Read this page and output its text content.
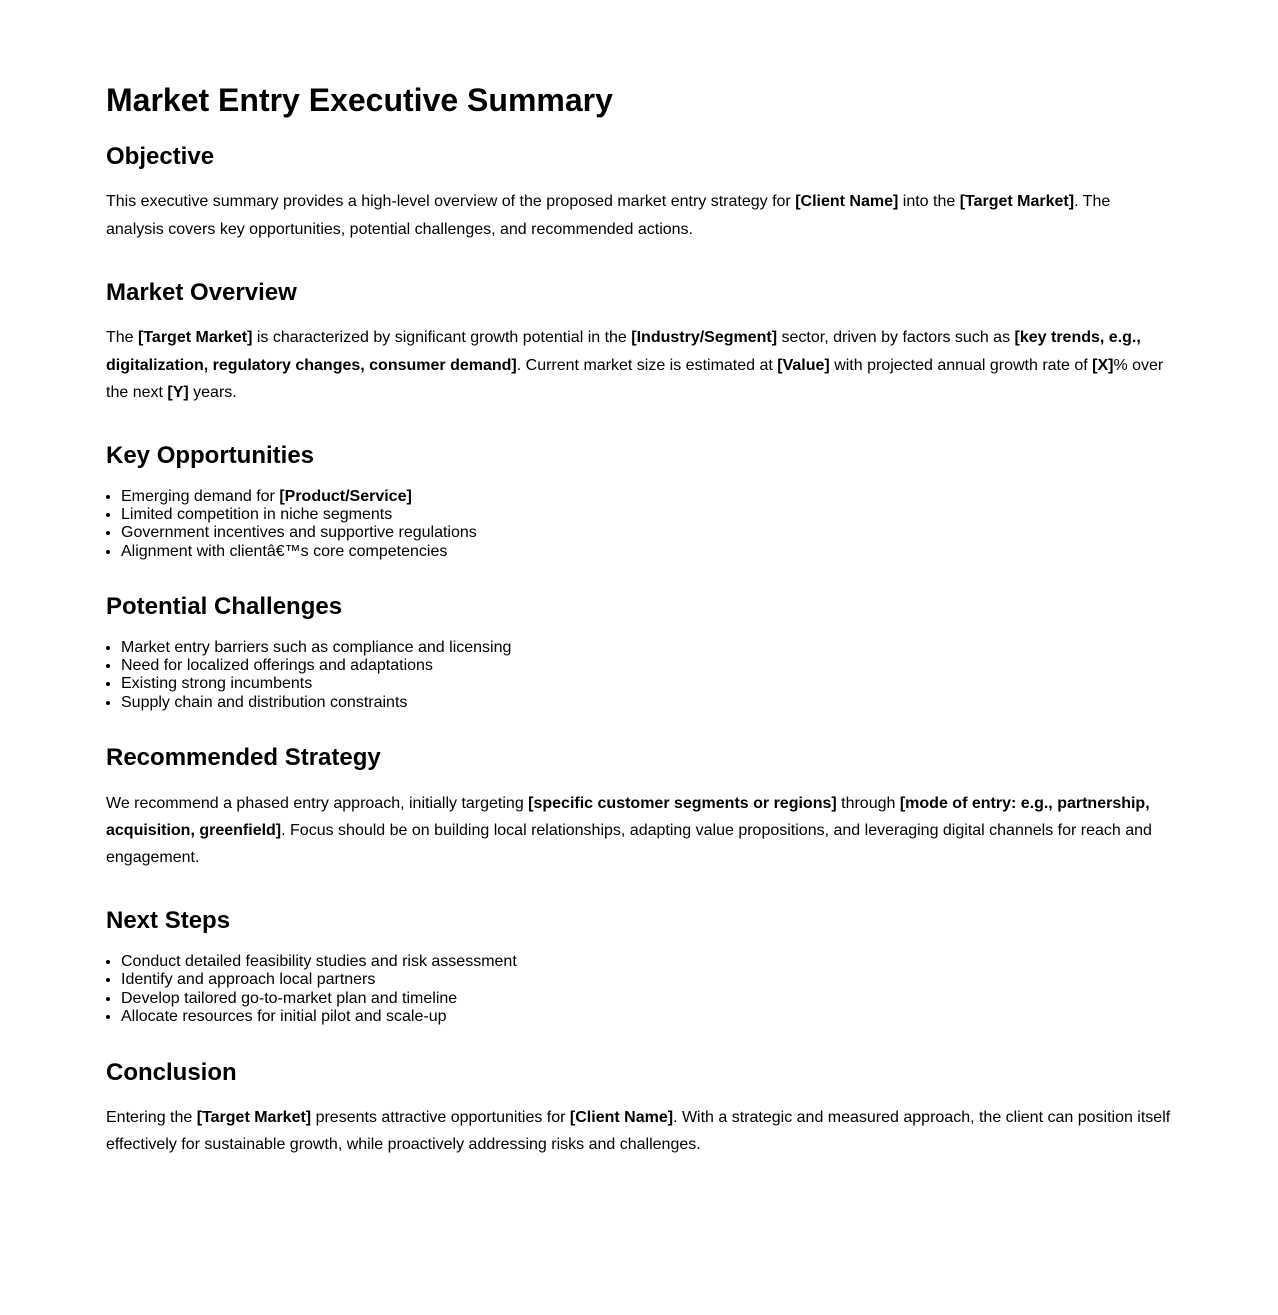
Market Entry Executive Summary
Objective

This executive summary provides a high-level overview of the proposed market entry strategy for [Client Name] into the [Target Market]. The analysis covers key opportunities, potential challenges, and recommended actions.

Market Overview

The [Target Market] is characterized by significant growth potential in the [Industry/Segment] sector, driven by factors such as [key trends, e.g., digitalization, regulatory changes, consumer demand]. Current market size is estimated at [Value] with projected annual growth rate of [X]% over the next [Y] years.

Key Opportunities
• Emerging demand for [Product/Service]
• Limited competition in niche segments
• Government incentives and supportive regulations
• Alignment with clientâ€™s core competencies
Potential Challenges
• Market entry barriers such as compliance and licensing
• Need for localized offerings and adaptations
• Existing strong incumbents
• Supply chain and distribution constraints
Recommended Strategy

We recommend a phased entry approach, initially targeting [specific customer segments or regions] through [mode of entry: e.g., partnership, acquisition, greenfield]. Focus should be on building local relationships, adapting value propositions, and leveraging digital channels for reach and engagement.

Next Steps
• Conduct detailed feasibility studies and risk assessment
• Identify and approach local partners
• Develop tailored go-to-market plan and timeline
• Allocate resources for initial pilot and scale-up
Conclusion

Entering the [Target Market] presents attractive opportunities for [Client Name]. With a strategic and measured approach, the client can position itself effectively for sustainable growth, while proactively addressing risks and challenges.
